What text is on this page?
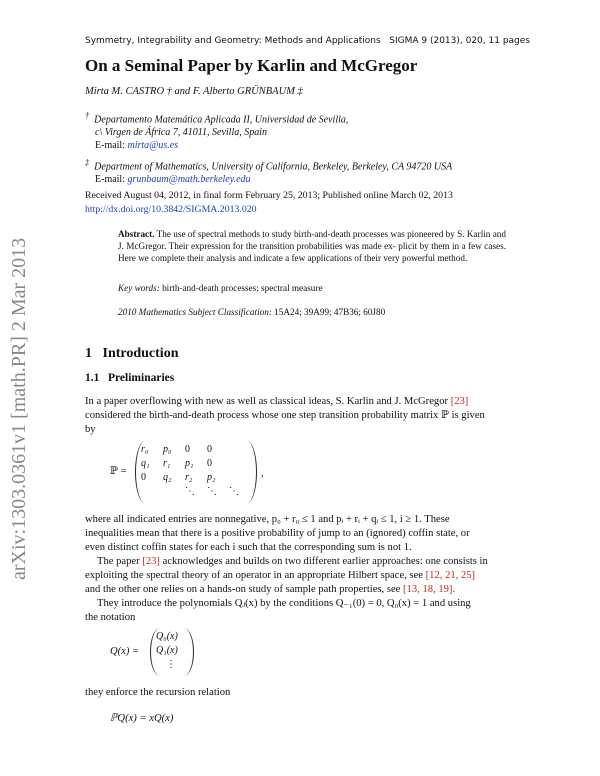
Symmetry, Integrability and Geometry: Methods and Applications SIGMA 9 (2013), 020, 11 pages
On a Seminal Paper by Karlin and McGregor
Mirta M. CASTRO † and F. Alberto GRÜNBAUM ‡
† Departamento Matemática Aplicada II, Universidad de Sevilla,
c\ Virgen de África 7, 41011, Sevilla, Spain
E-mail: mirta@us.es
‡ Department of Mathematics, University of California, Berkeley, Berkeley, CA 94720 USA
E-mail: grunbaum@math.berkeley.edu
Received August 04, 2012, in final form February 25, 2013; Published online March 02, 2013
http://dx.doi.org/10.3842/SIGMA.2013.020
Abstract. The use of spectral methods to study birth-and-death processes was pioneered by S. Karlin and J. McGregor. Their expression for the transition probabilities was made ex- plicit by them in a few cases. Here we complete their analysis and indicate a few applications of their very powerful method.
Key words: birth-and-death processes; spectral measure
2010 Mathematics Subject Classification: 15A24; 39A99; 47B36; 60J80
1 Introduction
1.1 Preliminaries
In a paper overflowing with new as well as classical ideas, S. Karlin and J. McGregor [23]
considered the birth-and-death process whose one step transition probability matrix ℙ is given
by
ℙ =	,
r₀ p₀ 0 0
q₁ r₁ p₁ 0
0 q₂ r₂ p₂
⋱ ⋱ ⋱
where all indicated entries are nonnegative, p₀ + r₀ ≤ 1 and pᵢ + rᵢ + qᵢ ≤ 1, i ≥ 1. These
inequalities mean that there is a positive probability of jump to an (ignored) coffin state, or
even distinct coffin states for each i such that the corresponding sum is not 1.
The paper [23] acknowledges and builds on two different earlier approaches: one consists in
exploiting the spectral theory of an operator in an appropriate Hilbert space, see [12, 21, 25]
and the other one relies on a hands-on study of sample path properties, see [13, 18, 19].
They introduce the polynomials Qⱼ(x) by the conditions Q₋₁(0) = 0, Q₀(x) = 1 and using
the notation
Q(x) =
Q₀(x)
Q₁(x)
⋮
they enforce the recursion relation
ℙQ(x) = xQ(x)
arXiv:1303.0361v1 [math.PR] 2 Mar 2013
